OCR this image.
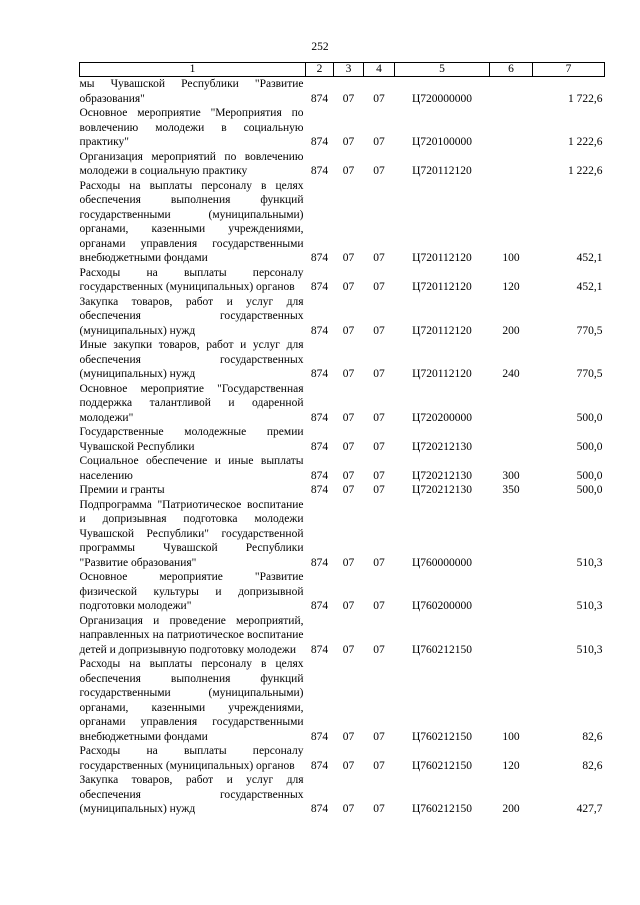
252
1	2	3	4	5	6	7
мы Чувашской Республики "Развитие образования"	874	07	07	Ц720000000		1 722,6
Основное мероприятие "Мероприятия по вовлечению молодежи в социальную практику"	874	07	07	Ц720100000		1 222,6
Организация мероприятий по вовлечению молодежи в социальную практику	874	07	07	Ц720112120		1 222,6
Расходы на выплаты персоналу в целях обеспечения выполнения функций государственными (муниципальными) органами, казенными учреждениями, органами управления государственными внебюджетными фондами	874	07	07	Ц720112120	100	452,1
Расходы на выплаты персоналу государственных (муниципальных) органов	874	07	07	Ц720112120	120	452,1
Закупка товаров, работ и услуг для обеспечения государственных (муниципальных) нужд	874	07	07	Ц720112120	200	770,5
Иные закупки товаров, работ и услуг для обеспечения государственных (муниципальных) нужд	874	07	07	Ц720112120	240	770,5
Основное мероприятие "Государственная поддержка талантливой и одаренной молодежи"	874	07	07	Ц720200000		500,0
Государственные молодежные премии Чувашской Республики	874	07	07	Ц720212130		500,0
Социальное обеспечение и иные выплаты населению	874	07	07	Ц720212130	300	500,0
Премии и гранты	874	07	07	Ц720212130	350	500,0
Подпрограмма "Патриотическое воспитание и допризывная подготовка молодежи Чувашской Республики" государственной программы Чувашской Республики "Развитие образования"	874	07	07	Ц760000000		510,3
Основное мероприятие "Развитие физической культуры и допризывной подготовки молодежи"	874	07	07	Ц760200000		510,3
Организация и проведение мероприятий, направленных на патриотическое воспитание детей и допризывную подготовку молодежи	874	07	07	Ц760212150		510,3
Расходы на выплаты персоналу в целях обеспечения выполнения функций государственными (муниципальными) органами, казенными учреждениями, органами управления государственными внебюджетными фондами	874	07	07	Ц760212150	100	82,6
Расходы на выплаты персоналу государственных (муниципальных) органов	874	07	07	Ц760212150	120	82,6
Закупка товаров, работ и услуг для обеспечения государственных (муниципальных) нужд	874	07	07	Ц760212150	200	427,7
